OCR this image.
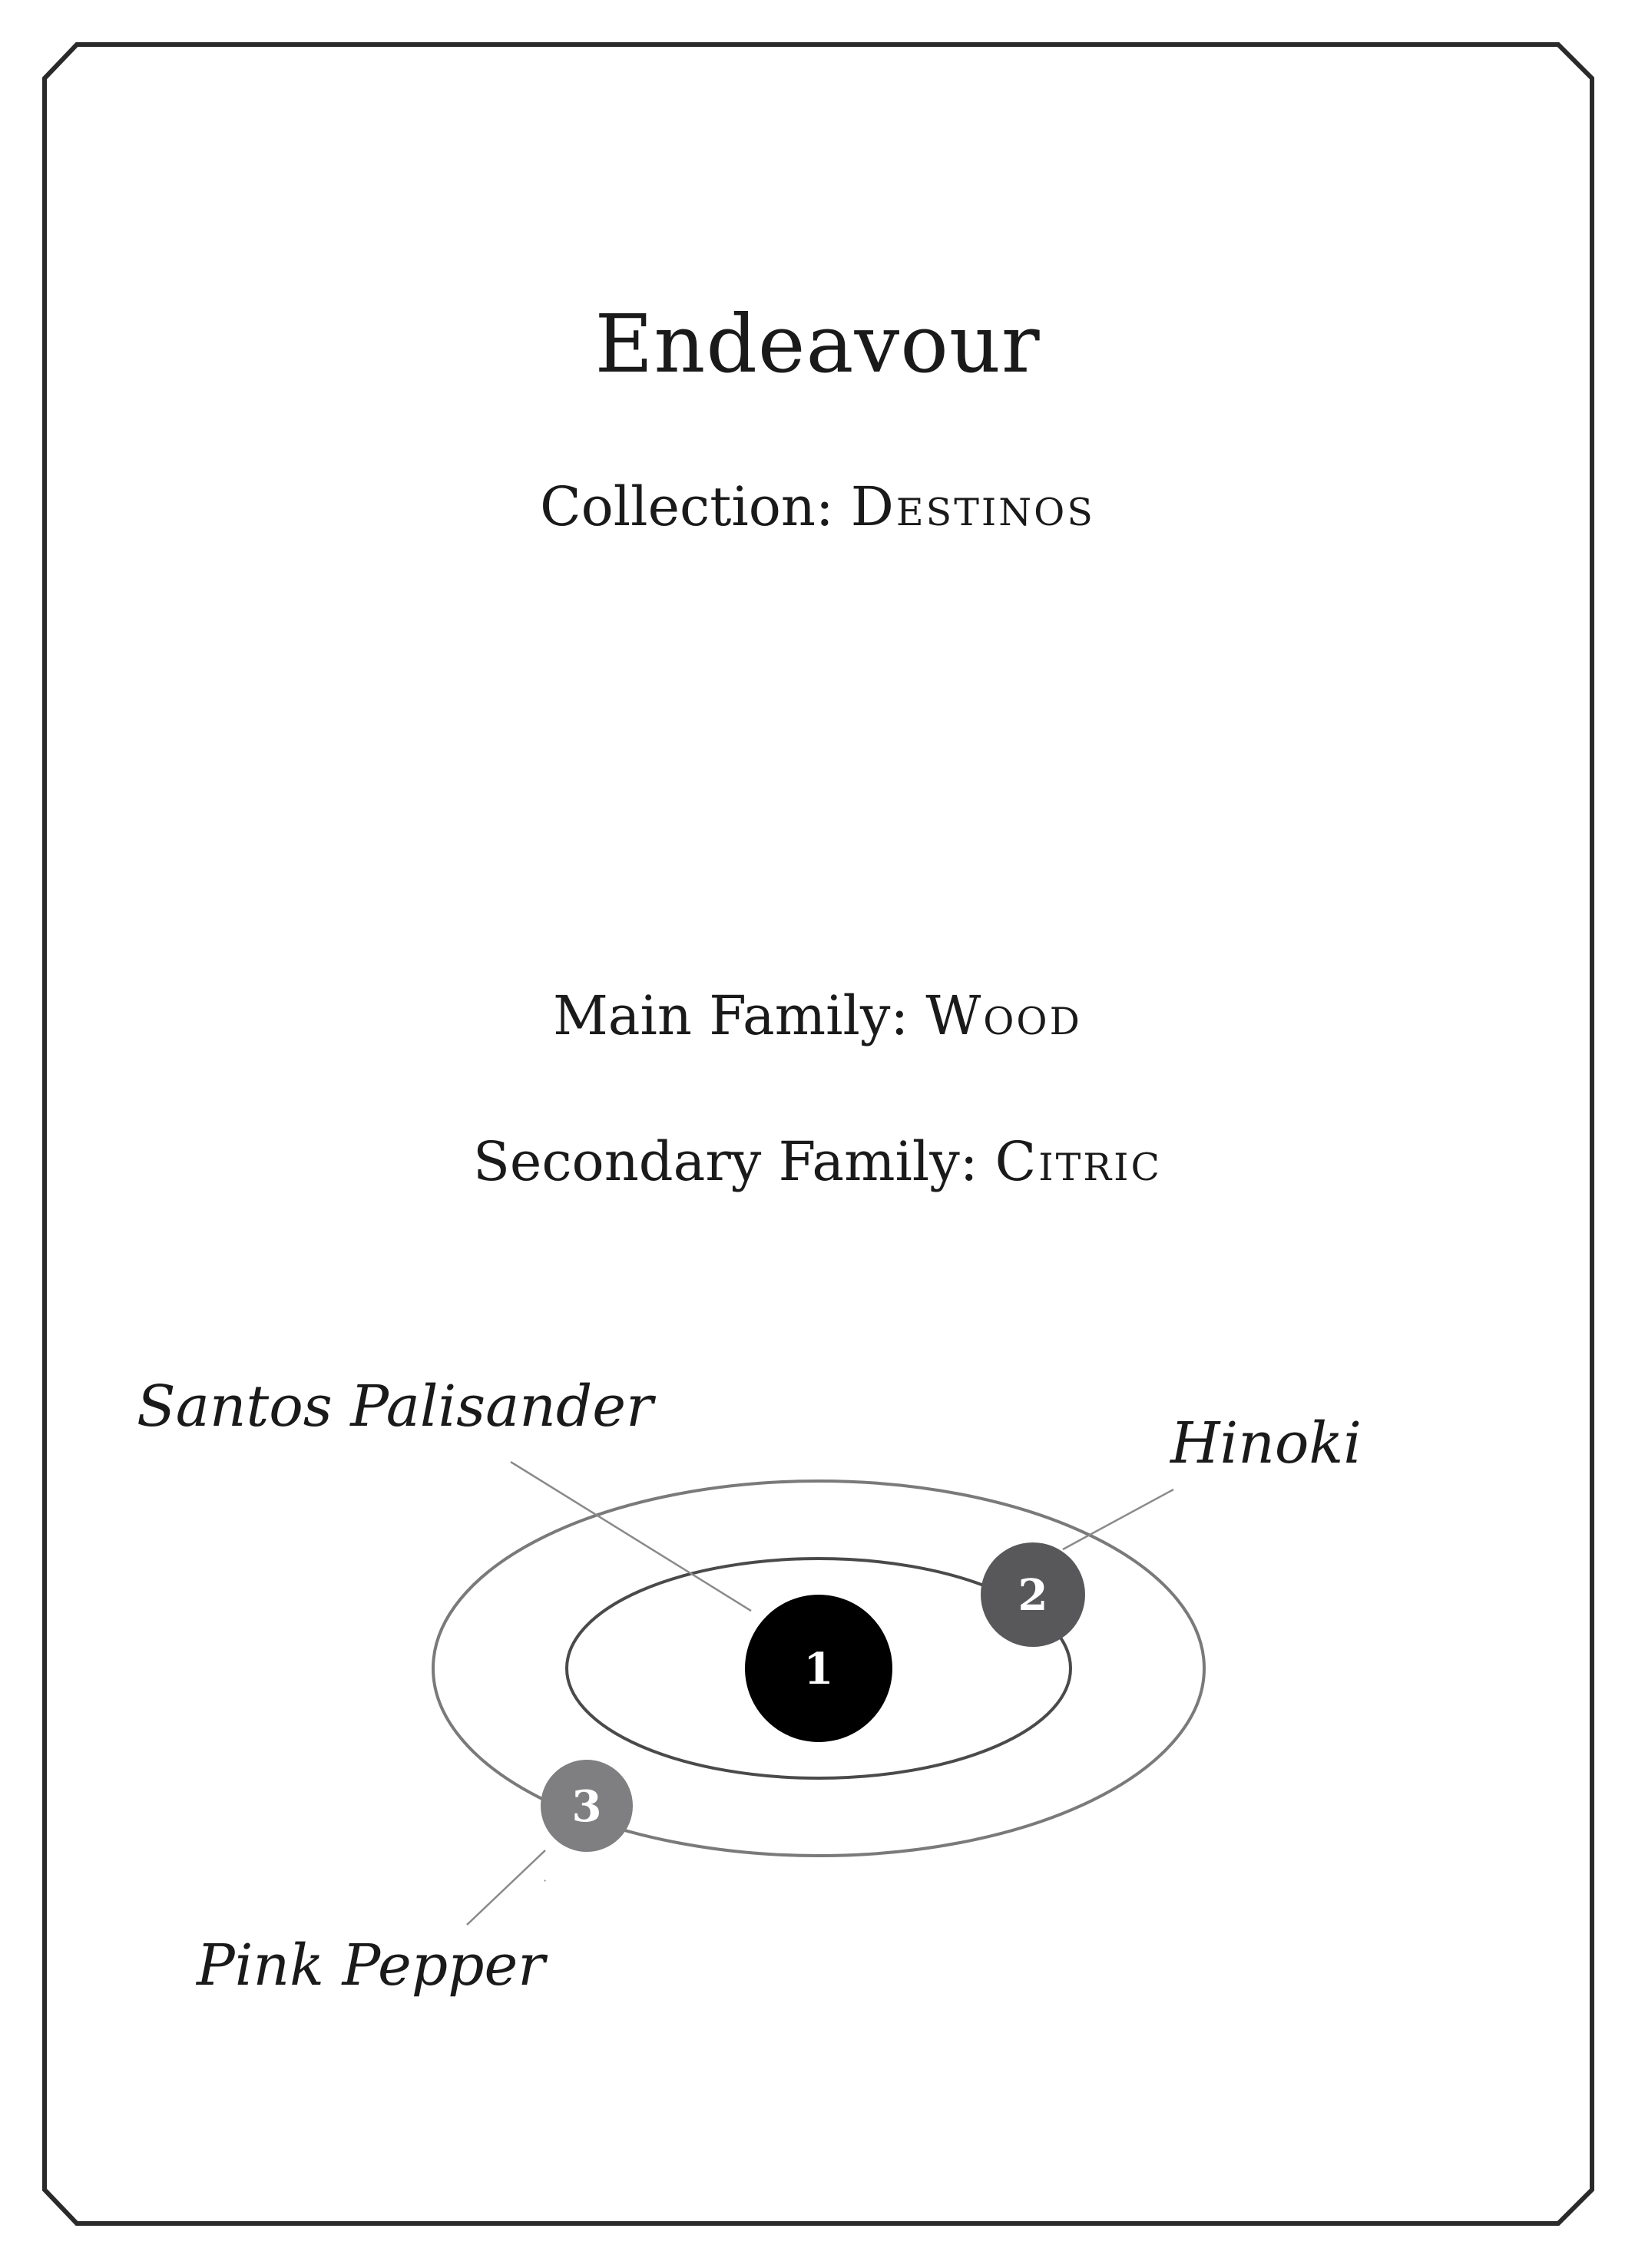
Endeavour
Collection: Destinos
Main Family: Wood
Secondary Family: Citric
1
2
3
Santos Palisander
Hinoki
Pink Pepper
